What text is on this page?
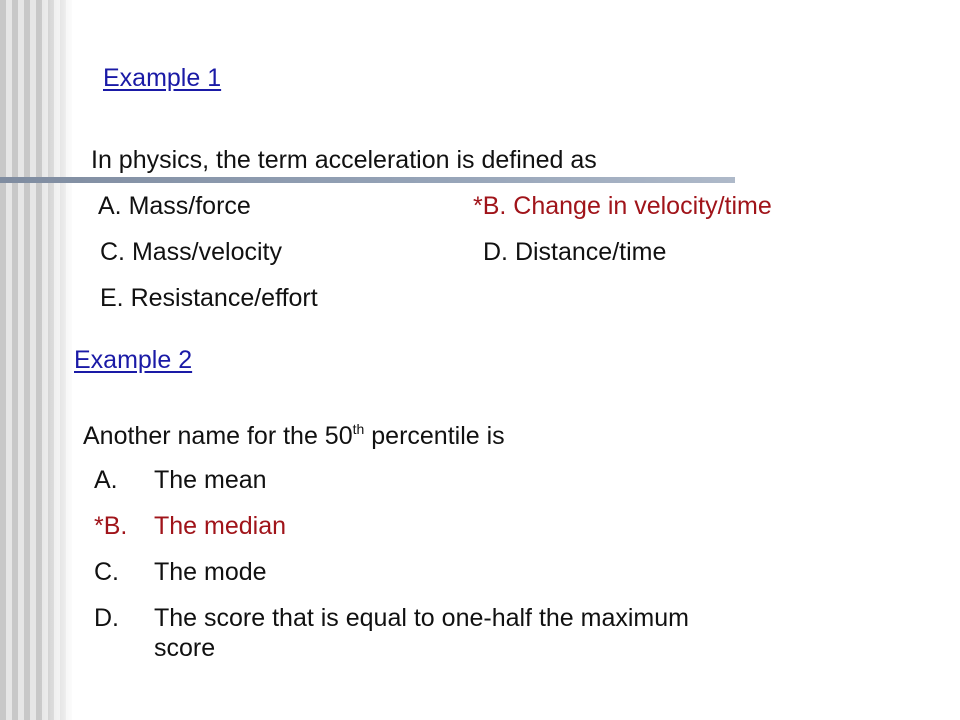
Example 1
In physics, the term acceleration is defined as
A. Mass/force	*B. Change in velocity/time
C. Mass/velocity	D. Distance/time
E. Resistance/effort
Example 2
Another name for the 50th percentile is
A. The mean
*B. The median
C. The mode
D. The score that is equal to one-half the maximum score
